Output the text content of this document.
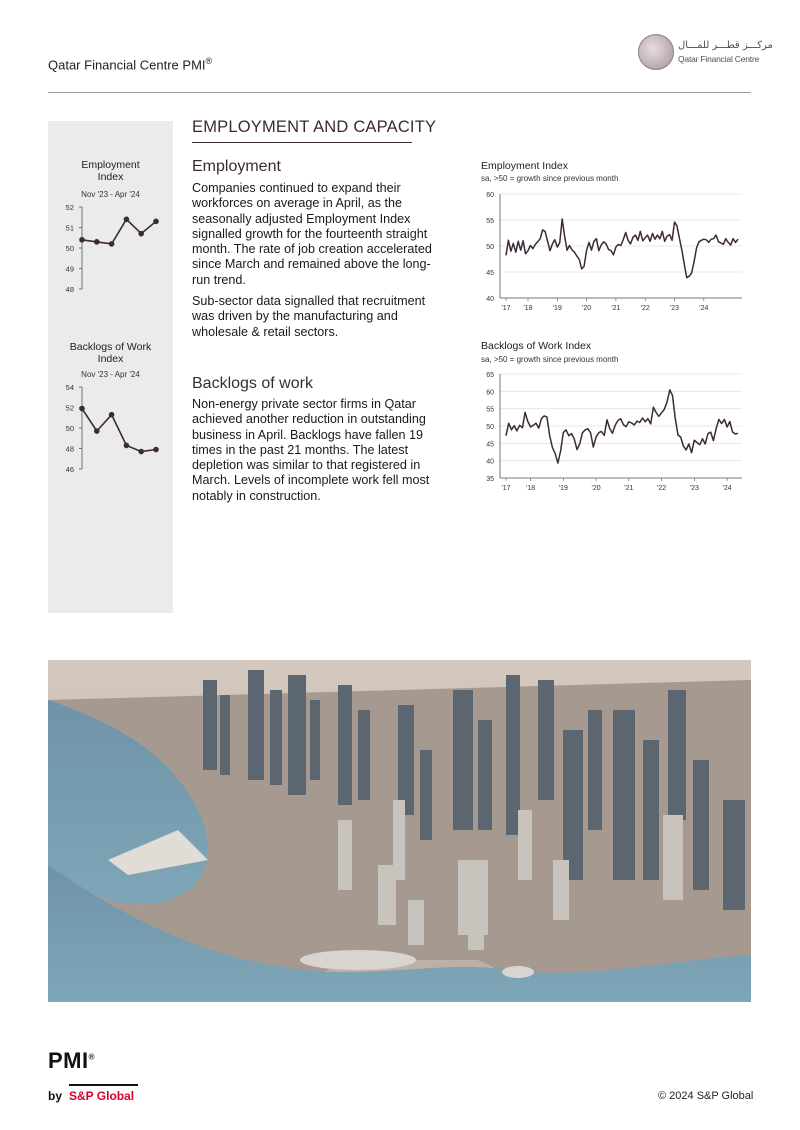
Qatar Financial Centre PMI®
مركـــز قطـــر للمـــال
Qatar Financial Centre
Employment
Index
Nov '23 - Apr '24
52
51
50
49
48
Backlogs of Work
Index
Nov '23 - Apr '24
54
52
50
48
46
EMPLOYMENT AND CAPACITY
Employment
Companies continued to expand their workforces on average in April, as the seasonally adjusted Employment Index signalled growth for the fourteenth straight month. The rate of job creation accelerated since March and remained above the long-run trend.
Sub-sector data signalled that recruitment was driven by the manufacturing and wholesale & retail sectors.
Backlogs of work
Non-energy private sector firms in Qatar achieved another reduction in outstanding business in April. Backlogs have fallen 19 times in the past 21 months. The latest depletion was similar to that registered in March. Levels of incomplete work fell most notably in construction.
Employment Index
sa, >50 = growth since previous month
40
45
50
55
60
'17 '18	'19	'20	'21	'22	'23	'24
Backlogs of Work Index
sa, >50 = growth since previous month
35
40
45
50
55
60
65
'17 '18	'19	'20	'21	'22	'23	'24
PMI®
by S&P Global	© 2024 S&P Global
